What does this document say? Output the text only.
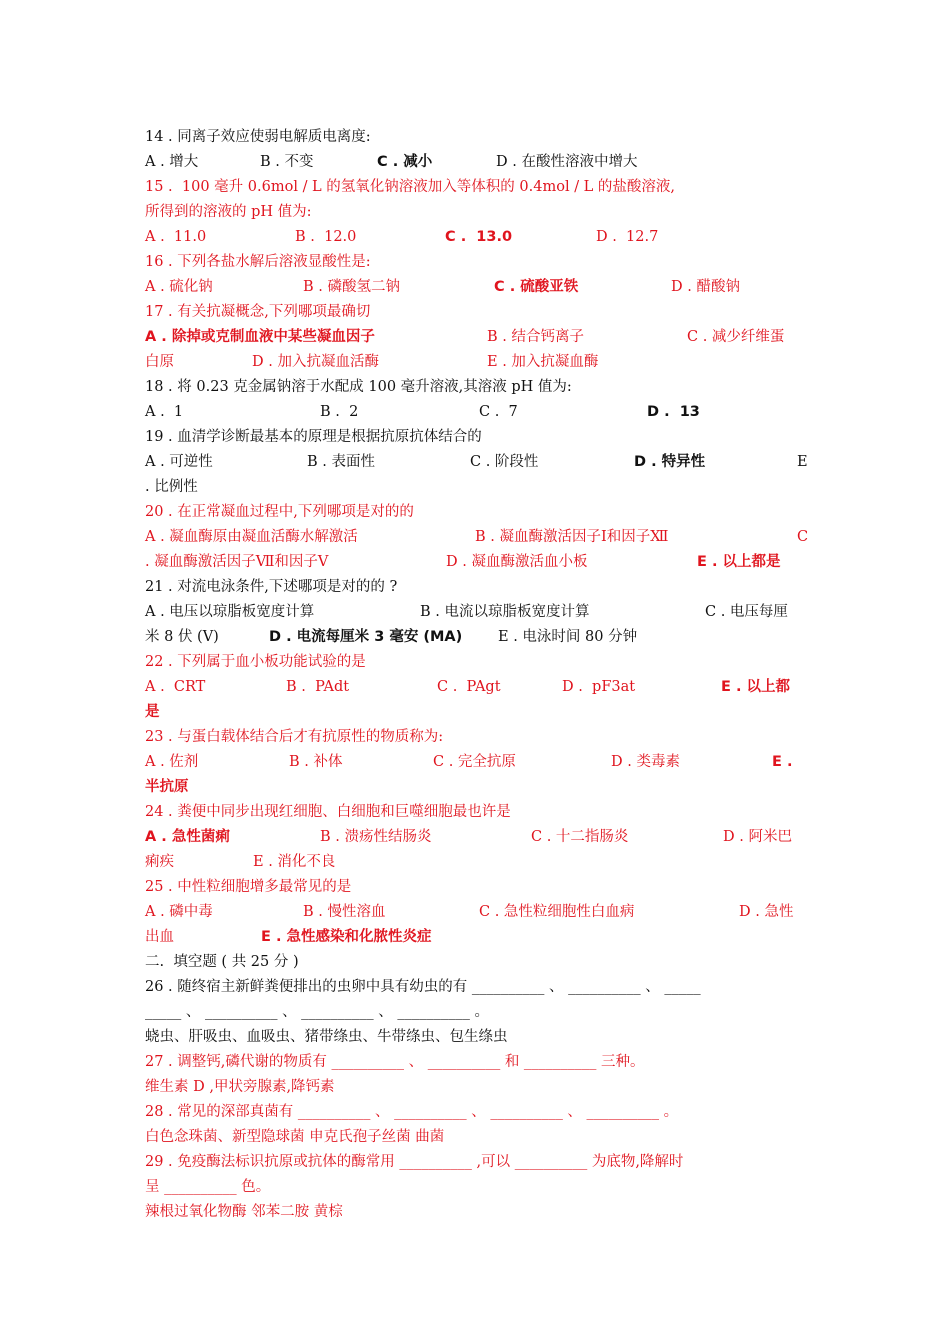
14 . 同离子效应使弱电解质电离度:

A . 增大

	B . 不变

	C . 减小

	D . 在酸性溶液中增大

15 .  100 毫升 0.6mol / L 的氢氧化钠溶液加入等体积的 0.4mol / L 的盐酸溶液,
所得到的溶液的 pH 值为:

A .  11.0

	B .  12.0

	C .  13.0

	D .  12.7

16 . 下列各盐水解后溶液显酸性是:

A . 硫化钠

	B . 磷酸氢二钠

	C . 硫酸亚铁

	D . 醋酸钠

17 . 有关抗凝概念,下列哪项最确切

A . 除掉或克制血液中某些凝血因子

	B . 结合钙离子

	C . 减少纤维蛋

白原

	D . 加入抗凝血活酶

	E . 加入抗凝血酶

18 . 将 0.23 克金属钠溶于水配成 100 毫升溶液,其溶液 pH 值为:

A .  1

	B .  2

	C .  7

	D .  13

19 . 血清学诊断最基本的原理是根据抗原抗体结合的

A . 可逆性

	B . 表面性

	C . 阶段性

	D . 特异性

	E

. 比例性
20 . 在正常凝血过程中,下列哪项是对的的

A . 凝血酶原由凝血活酶水解激活

	B . 凝血酶激活因子Ⅰ和因子Ⅻ

	C

. 凝血酶激活因子Ⅶ和因子Ⅴ

	D . 凝血酶激活血小板

	E . 以上都是

21 . 对流电泳条件,下述哪项是对的的 ?

A . 电压以琼脂板宽度计算

	B . 电流以琼脂板宽度计算

	C . 电压每厘

米 8 伏 (V)

	D . 电流每厘米 3 毫安 (MA)

E . 电泳时间 80 分钟

22 . 下列属于血小板功能试验的是

A .  CRT

	B .  PAdt

	C .  PAgt

	D .  pF3at

	E . 以上都

是
23 . 与蛋白载体结合后才有抗原性的物质称为:

A . 佐剂

	B . 补体

	C . 完全抗原

	D . 类毒素

	E .

半抗原
24 . 粪便中同步出现红细胞、白细胞和巨噬细胞最也许是

A . 急性菌痢

	B . 溃疡性结肠炎

	C . 十二指肠炎

	D . 阿米巴

痢疾

	E . 消化不良

25 . 中性粒细胞增多最常见的是

A . 磷中毒

	B . 慢性溶血

	C . 急性粒细胞性白血病

	D . 急性

出血

	E . 急性感染和化脓性炎症

二.  填空题 ( 共 25 分 )
26 . 随终宿主新鲜粪便排出的虫卵中具有幼虫的有 __________ 、 __________ 、 _____
_____ 、 __________ 、 __________ 、 __________ 。
蛲虫、肝吸虫、血吸虫、猪带绦虫、牛带绦虫、包生绦虫
27 . 调整钙,磷代谢的物质有 __________ 、 __________ 和 __________ 三种。
维生素 D ,甲状旁腺素,降钙素
28 . 常见的深部真菌有 __________ 、 __________ 、 __________ 、 __________ 。
白色念珠菌、新型隐球菌 申克氏孢子丝菌 曲菌
29 . 免疫酶法标识抗原或抗体的酶常用 __________ ,可以 __________ 为底物,降解时
呈 __________ 色。
辣根过氧化物酶 邻苯二胺 黄棕
